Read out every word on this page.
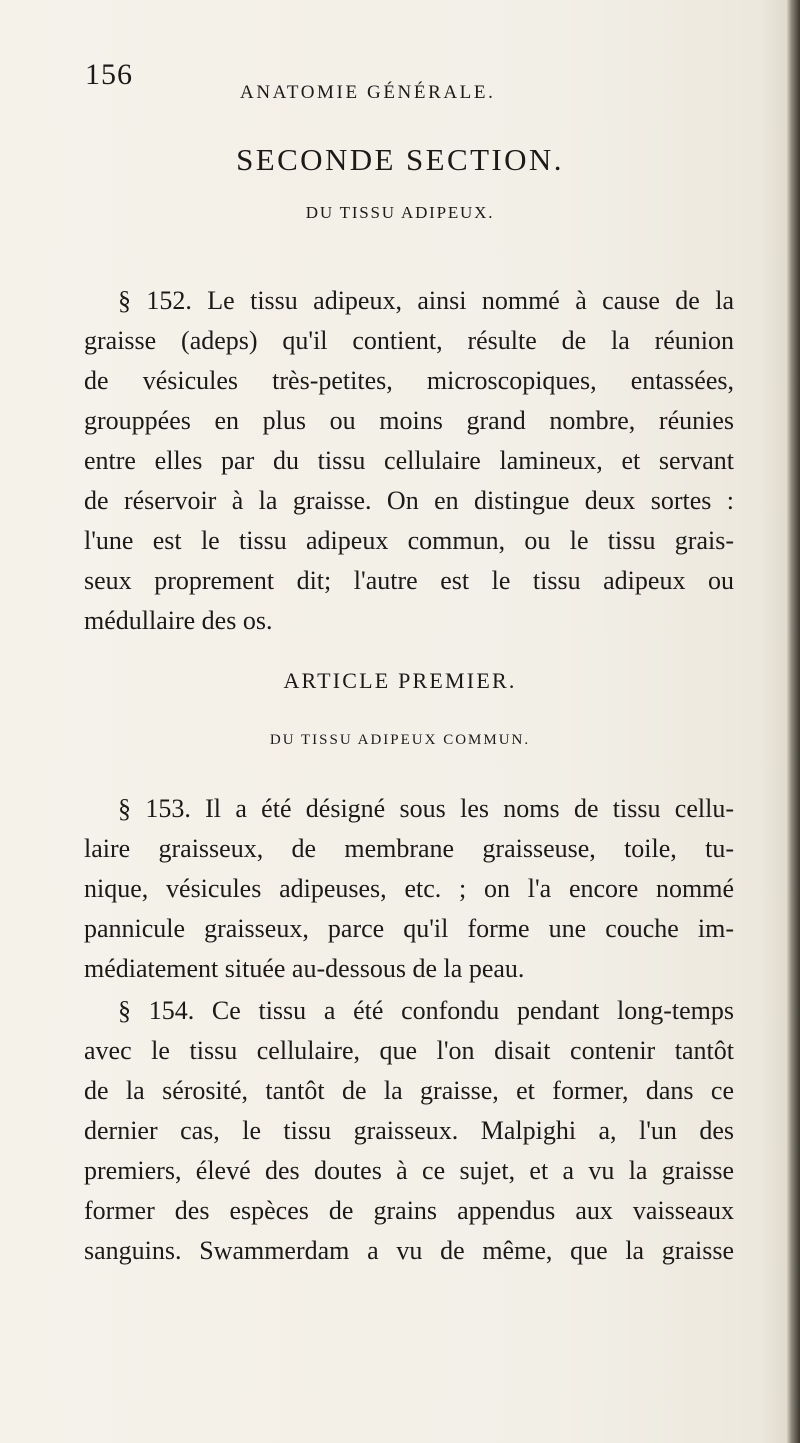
156
ANATOMIE GÉNÉRALE.
SECONDE SECTION.
DU TISSU ADIPEUX.
§ 152. Le tissu adipeux, ainsi nommé à cause de la
graisse (adeps) qu'il contient, résulte de la réunion
de vésicules très-petites, microscopiques, entassées,
grouppées en plus ou moins grand nombre, réunies
entre elles par du tissu cellulaire lamineux, et servant
de réservoir à la graisse. On en distingue deux sortes :
l'une est le tissu adipeux commun, ou le tissu grais-
seux proprement dit; l'autre est le tissu adipeux ou
médullaire des os.
ARTICLE PREMIER.
DU TISSU ADIPEUX COMMUN.
§ 153. Il a été désigné sous les noms de tissu cellu-
laire graisseux, de membrane graisseuse, toile, tu-
nique, vésicules adipeuses, etc. ; on l'a encore nommé
pannicule graisseux, parce qu'il forme une couche im-
médiatement située au-dessous de la peau.
§ 154. Ce tissu a été confondu pendant long-temps
avec le tissu cellulaire, que l'on disait contenir tantôt
de la sérosité, tantôt de la graisse, et former, dans ce
dernier cas, le tissu graisseux. Malpighi a, l'un des
premiers, élevé des doutes à ce sujet, et a vu la graisse
former des espèces de grains appendus aux vaisseaux
sanguins. Swammerdam a vu de même, que la graisse
